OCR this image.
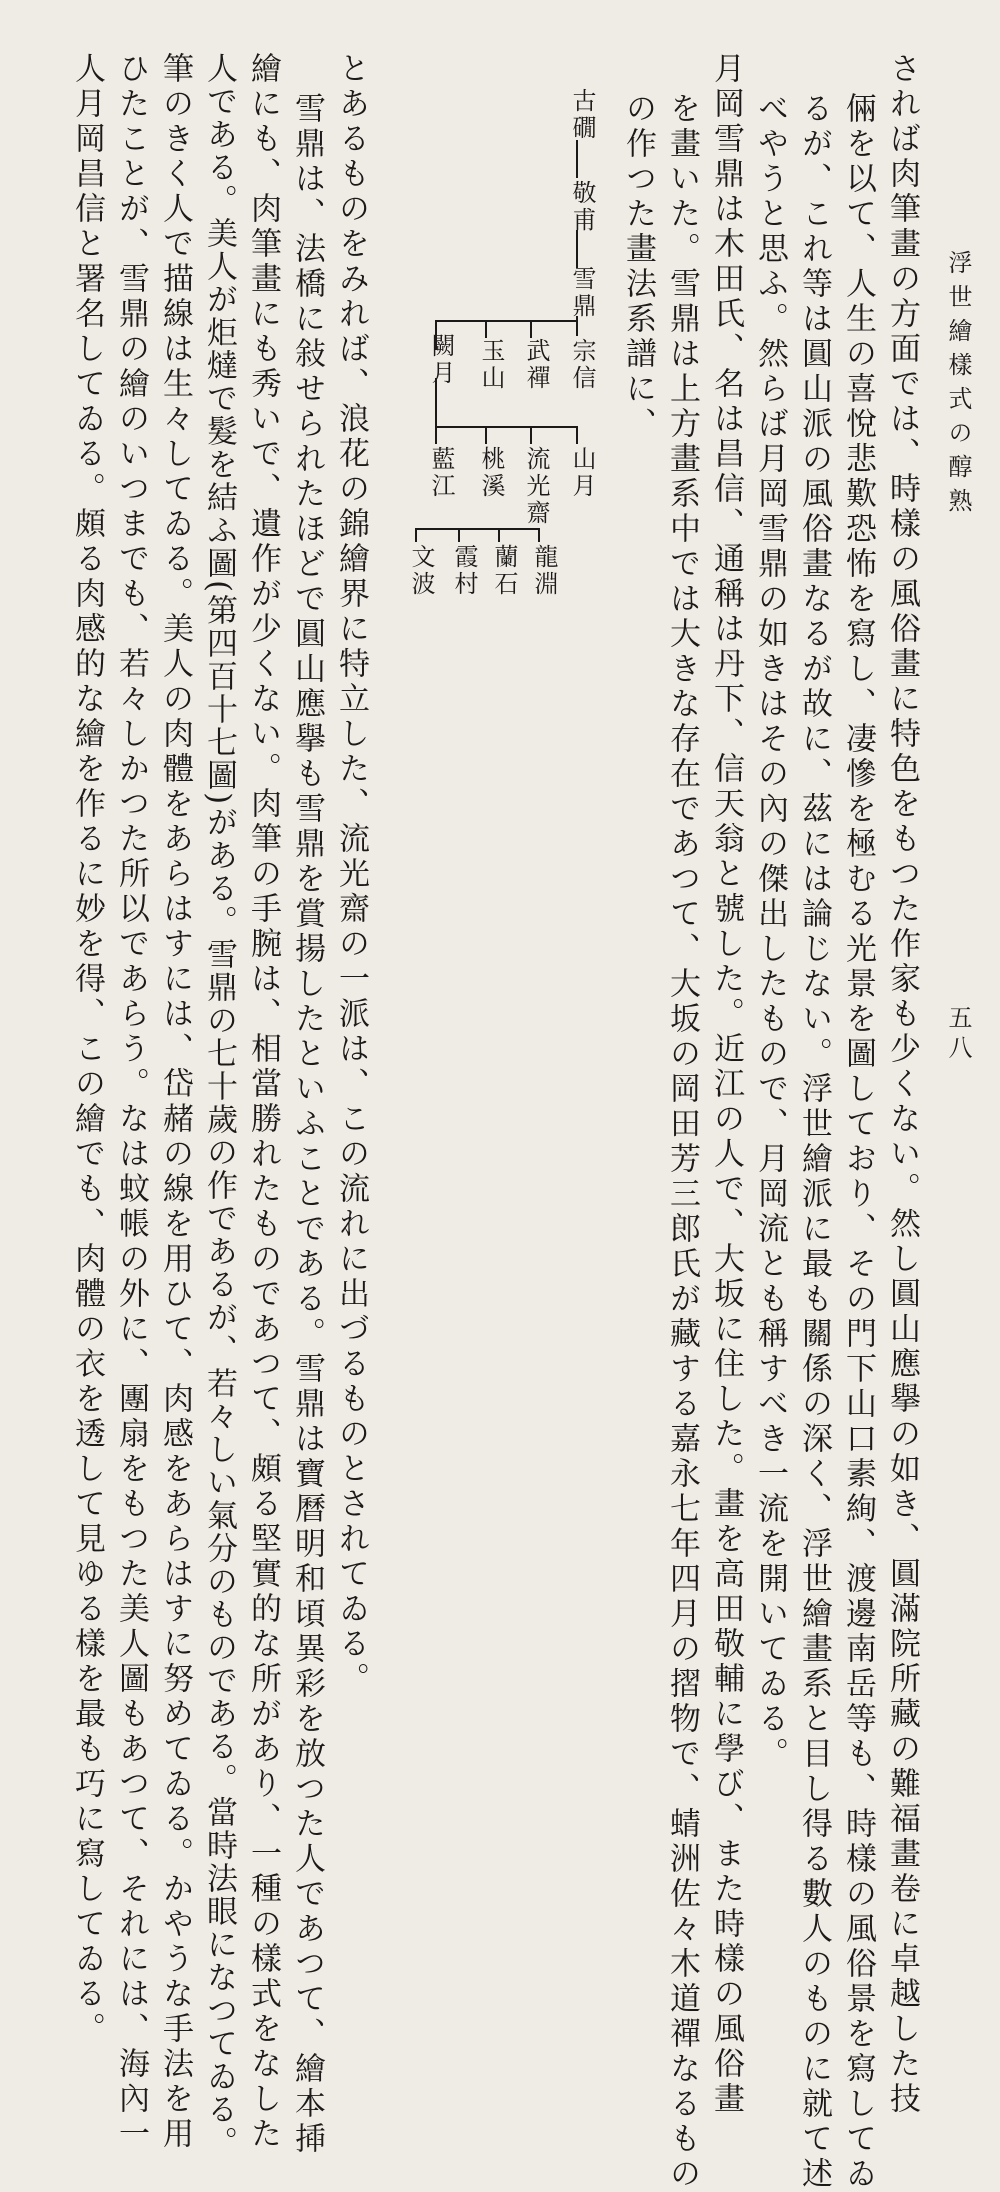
浮世繪樣式の醇熟
五八
されば肉筆畫の方面では、時樣の風俗畫に特色をもつた作家も少くない。然し圓山應擧の如き、圓滿院所藏の難福畫卷に卓越した技
倆を以て、人生の喜悅悲歎恐怖を寫し、凄慘を極むる光景を圖しており、その門下山口素絢、渡邊南岳等も、時樣の風俗景を寫してゐ
るが、これ等は圓山派の風俗畫なるが故に、茲には論じない。浮世繪派に最も關係の深く、浮世繪畫系と目し得る數人のものに就て述
べやうと思ふ。然らば月岡雪鼎の如きはその內の傑出したもので、月岡流とも稱すべき一流を開いてゐる。
月岡雪鼎は木田氏、名は昌信、通稱は丹下、信天翁と號した。近江の人で、大坂に住した。畫を高田敬輔に學び、また時樣の風俗畫
を畫いた。雪鼎は上方畫系中では大きな存在であつて、大坂の岡田芳三郎氏が藏する嘉永七年四月の摺物で、蜻洲佐々木道禪なるもの
の作つた畫法系譜に、
古礀
敬甫
雪鼎
宗信
武禪
玉山
闕月
山月
流光齋
桃溪
藍江
龍淵
蘭石
霞村
文波
とあるものをみれば、浪花の錦繪界に特立した、流光齋の一派は、この流れに出づるものとされてゐる。
雪鼎は、法橋に敍せられたほどで圓山應擧も雪鼎を賞揚したといふことである。雪鼎は寶曆明和頃異彩を放つた人であつて、繪本揷
繪にも、肉筆畫にも秀いで、遺作が少くない。肉筆の手腕は、相當勝れたものであつて、頗る堅實的な所があり、一種の樣式をなした
人である。美人が炬燵で髮を結ふ圖(第四百十七圖)がある。雪鼎の七十歲の作であるが、若々しい氣分のものである。當時法眼になつてゐる。
筆のきく人で描線は生々してゐる。美人の肉體をあらはすには、岱赭の線を用ひて、肉感をあらはすに努めてゐる。かやうな手法を用
ひたことが、雪鼎の繪のいつまでも、若々しかつた所以であらう。なは蚊帳の外に、團扇をもつた美人圖もあつて、それには、海內一
人月岡昌信と署名してゐる。頗る肉感的な繪を作るに妙を得、この繪でも、肉體の衣を透して見ゆる樣を最も巧に寫してゐる。
